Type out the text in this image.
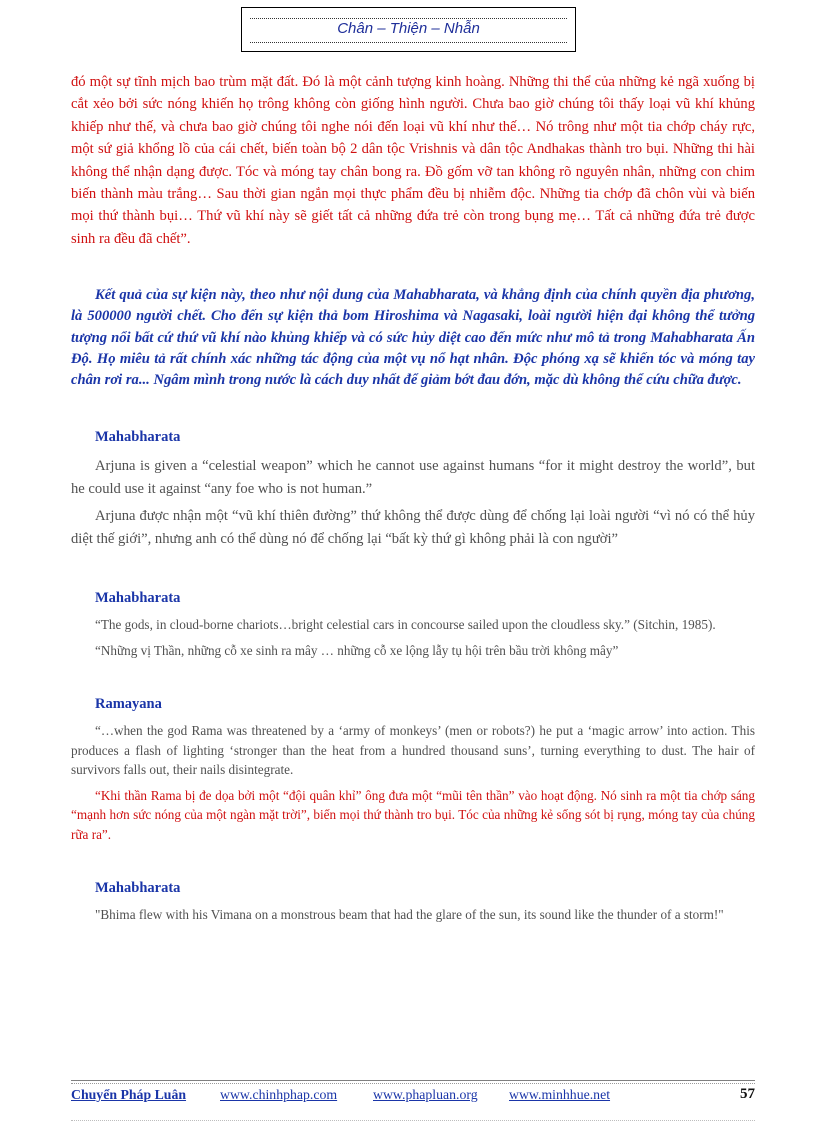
Chân – Thiện – Nhẫn

đó một sự tĩnh mịch bao trùm mặt đất. Đó là một cảnh tượng kinh hoàng. Những thi thể của những kẻ ngã xuống bị cắt xẻo bởi sức nóng khiến họ trông không còn giống hình người. Chưa bao giờ chúng tôi thấy loại vũ khí khủng khiếp như thế, và chưa bao giờ chúng tôi nghe nói đến loại vũ khí như thế… Nó trông như một tia chớp cháy rực, một sứ giả khổng lồ của cái chết, biến toàn bộ 2 dân tộc Vrishnis và dân tộc Andhakas thành tro bụi. Những thi hài không thể nhận dạng được. Tóc và móng tay chân bong ra. Đồ gốm vỡ tan không rõ nguyên nhân, những con chim biến thành màu trắng… Sau thời gian ngắn mọi thực phẩm đều bị nhiễm độc. Những tia chớp đã chôn vùi và biến mọi thứ thành bụi… Thứ vũ khí này sẽ giết tất cả những đứa trẻ còn trong bụng mẹ… Tất cả những đứa trẻ được sinh ra đều đã chết”.

Kết quả của sự kiện này, theo như nội dung của Mahabharata, và khẳng định của chính quyền địa phương, là 500000 người chết. Cho đến sự kiện thả bom Hiroshima và Nagasaki, loài người hiện đại không thể tưởng tượng nổi bất cứ thứ vũ khí nào khủng khiếp và có sức hủy diệt cao đến mức như mô tả trong Mahabharata Ấn Độ. Họ miêu tả rất chính xác những tác động của một vụ nổ hạt nhân. Độc phóng xạ sẽ khiến tóc và móng tay chân rơi ra... Ngâm mình trong nước là cách duy nhất để giảm bớt đau đớn, mặc dù không thể cứu chữa được.

Mahabharata

Arjuna is given a “celestial weapon” which he cannot use against humans “for it might destroy the world”, but he could use it against “any foe who is not human.”

Arjuna được nhận một “vũ khí thiên đường” thứ không thể được dùng để chống lại loài người “vì nó có thể hủy diệt thế giới”, nhưng anh có thể dùng nó để chống lại “bất kỳ thứ gì không phải là con người”

Mahabharata

“The gods, in cloud-borne chariots…bright celestial cars in concourse sailed upon the cloudless sky.” (Sitchin, 1985).

“Những vị Thần, những cỗ xe sinh ra mây … những cỗ xe lộng lẫy tụ hội trên bầu trời không mây”

Ramayana

“…when the god Rama was threatened by a ‘army of monkeys’ (men or robots?) he put a ‘magic arrow’ into action. This produces a flash of lighting ‘stronger than the heat from a hundred thousand suns’, turning everything to dust. The hair of survivors falls out, their nails disintegrate.

“Khi thần Rama bị đe dọa bởi một “đội quân khỉ” ông đưa một “mũi tên thần” vào hoạt động. Nó sinh ra một tia chớp sáng “mạnh hơn sức nóng của một ngàn mặt trời”, biến mọi thứ thành tro bụi. Tóc của những kẻ sống sót bị rụng, móng tay của chúng rữa ra”.

Mahabharata

"Bhima flew with his Vimana on a monstrous beam that had the glare of the sun, its sound like the thunder of a storm!"

Chuyển Pháp Luân www.chinhphap.com	www.phapluan.org www.minhhue.net	57
